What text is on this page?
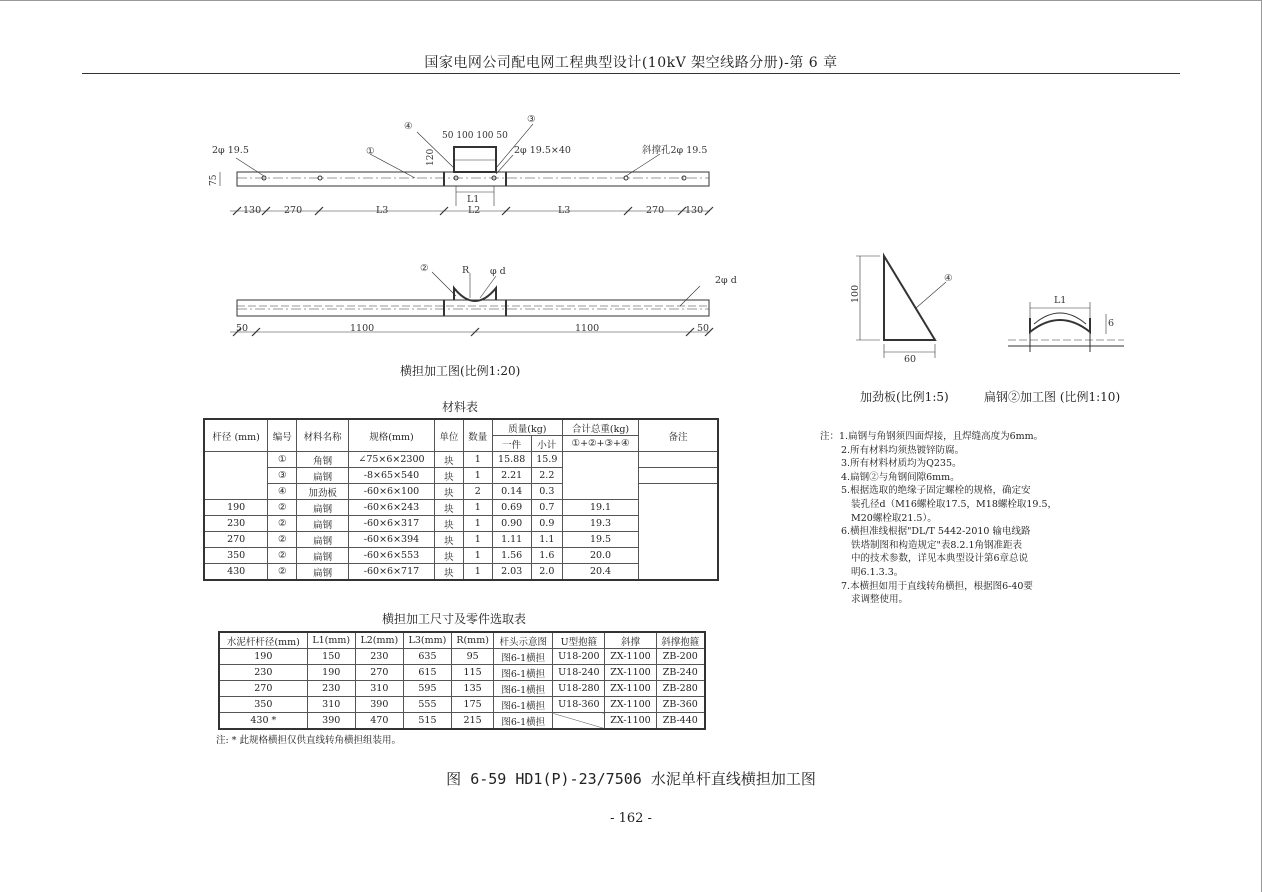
国家电网公司配电网工程典型设计(10kV 架空线路分册)-第 6 章
2φ 19.5	①
④
③
50 100 100 50
120	2φ 19.5×40	斜撑孔2φ 19.5
75
L1
130 270	L3	L2	L3	270 130
②	R φ d
2φ d
50	1100	1100	50
横担加工图(比例1:20)
100
60
④
L1
6
加劲板(比例1:5)	扁钢②加工图 (比例1:10)
材料表
杆径 (mm)	编号	材料名称	规格(mm)	单位	数量	质量(kg)		合计总重(kg)	备注
						一件	小计	①+②+③+④	
	①	角钢	∠75×6×2300	块	1	15.88	15.9		
	③	扁钢	-8×65×540	块	1	2.21	2.2		
	④	加劲板	-60×6×100	块	2	0.14	0.3		
190	②	扁钢	-60×6×243	块	1	0.69	0.7	19.1	
230	②	扁钢	-60×6×317	块	1	0.90	0.9	19.3	
270	②	扁钢	-60×6×394	块	1	1.11	1.1	19.5	
350	②	扁钢	-60×6×553	块	1	1.56	1.6	20.0	
430	②	扁钢	-60×6×717	块	1	2.03	2.0	20.4	
横担加工尺寸及零件选取表
水泥杆杆径(mm)	L1(mm)	L2(mm)	L3(mm)	R(mm)	杆头示意图	U型抱箍	斜撑	斜撑抱箍
190	150	230	635	95	图6-1横担	U18-200	ZX-1100	ZB-200
230	190	270	615	115	图6-1横担	U18-240	ZX-1100	ZB-240
270	230	310	595	135	图6-1横担	U18-280	ZX-1100	ZB-280
350	310	390	555	175	图6-1横担	U18-360	ZX-1100	ZB-360
430 *	390	470	515	215	图6-1横担		ZX-1100	ZB-440
注: * 此规格横担仅供直线转角横担组装用。
注：1.扁钢与角钢须四面焊接，且焊缝高度为6mm。
2.所有材料均须热镀锌防腐。
3.所有材料材质均为Q235。
4.扁钢②与角钢间隙6mm。
5.根据选取的绝缘子固定螺栓的规格，确定安
装孔径d（M16螺栓取17.5，M18螺栓取19.5，
M20螺栓取21.5）。
6.横担准线根据"DL/T 5442-2010 输电线路
铁塔制图和构造规定"表8.2.1角钢准距表
中的技术参数，详见本典型设计第6章总说
明6.1.3.3。
7.本横担如用于直线转角横担，根据图6-40要
求调整使用。
图 6-59 HD1(P)-23/7506 水泥单杆直线横担加工图
- 162 -
